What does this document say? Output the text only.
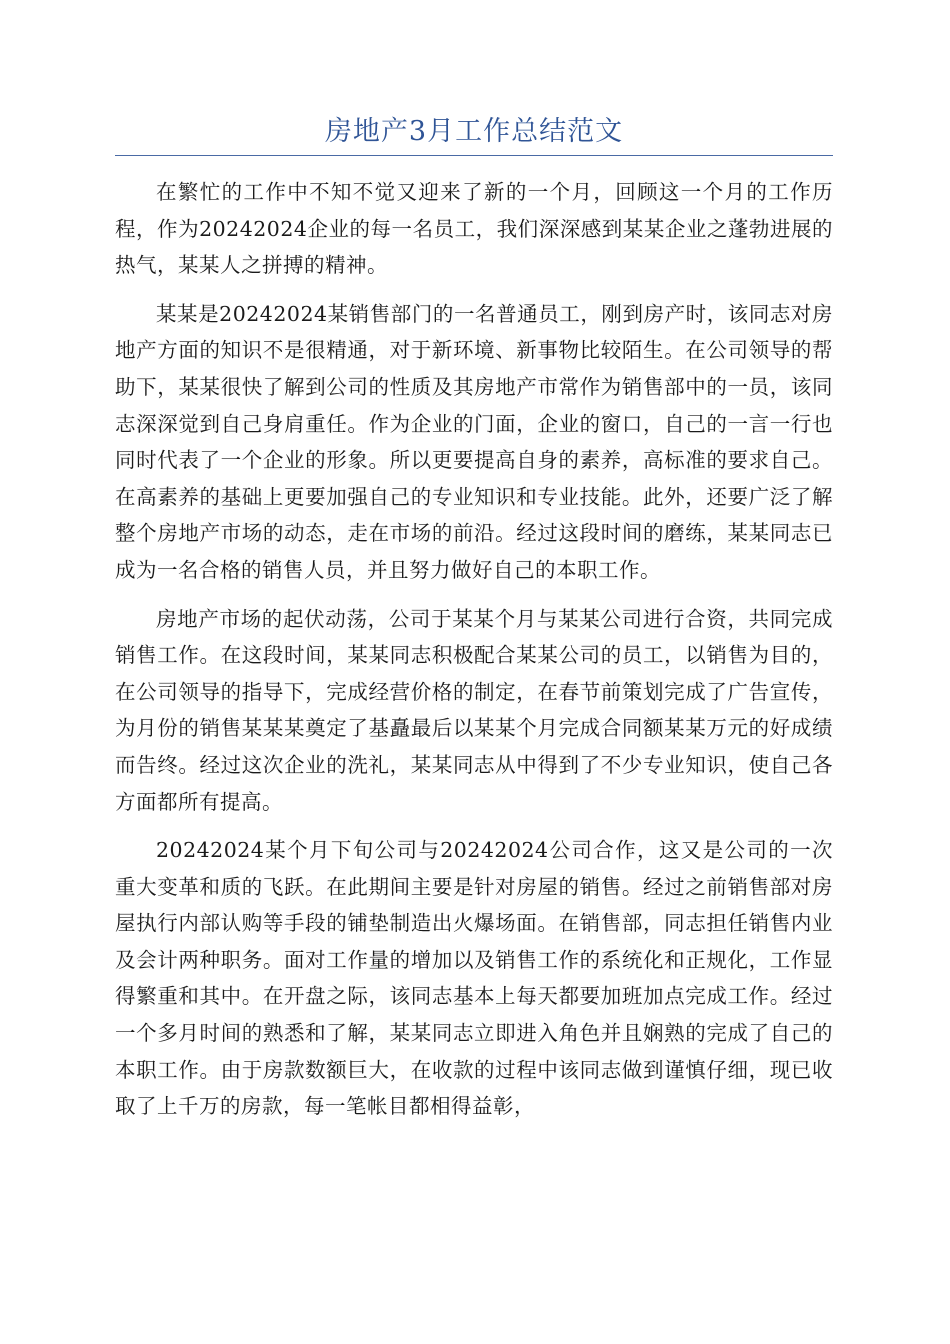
房地产3月工作总结范文

在繁忙的工作中不知不觉又迎来了新的一个月，回顾这一个月的工作历程，作为20242024企业的每一名员工，我们深深感到某某企业之蓬勃进展的热气，某某人之拼搏的精神。

某某是20242024某销售部门的一名普通员工，刚到房产时，该同志对房地产方面的知识不是很精通，对于新环境、新事物比较陌生。在公司领导的帮助下，某某很快了解到公司的性质及其房地产市常作为销售部中的一员，该同志深深觉到自己身肩重任。作为企业的门面，企业的窗口，自己的一言一行也同时代表了一个企业的形象。所以更要提高自身的素养，高标准的要求自己。在高素养的基础上更要加强自己的专业知识和专业技能。此外，还要广泛了解整个房地产市场的动态，走在市场的前沿。经过这段时间的磨练，某某同志已成为一名合格的销售人员，并且努力做好自己的本职工作。

房地产市场的起伏动荡，公司于某某个月与某某公司进行合资，共同完成销售工作。在这段时间，某某同志积极配合某某公司的员工，以销售为目的，在公司领导的指导下，完成经营价格的制定，在春节前策划完成了广告宣传，为月份的销售某某某奠定了基矗最后以某某个月完成合同额某某万元的好成绩而告终。经过这次企业的洗礼，某某同志从中得到了不少专业知识，使自己各方面都所有提高。

20242024某个月下旬公司与20242024公司合作，这又是公司的一次重大变革和质的飞跃。在此期间主要是针对房屋的销售。经过之前销售部对房屋执行内部认购等手段的铺垫制造出火爆场面。在销售部，同志担任销售内业及会计两种职务。面对工作量的增加以及销售工作的系统化和正规化，工作显得繁重和其中。在开盘之际，该同志基本上每天都要加班加点完成工作。经过一个多月时间的熟悉和了解，某某同志立即进入角色并且娴熟的完成了自己的本职工作。由于房款数额巨大，在收款的过程中该同志做到谨慎仔细，现已收取了上千万的房款，每一笔帐目都相得益彰，
